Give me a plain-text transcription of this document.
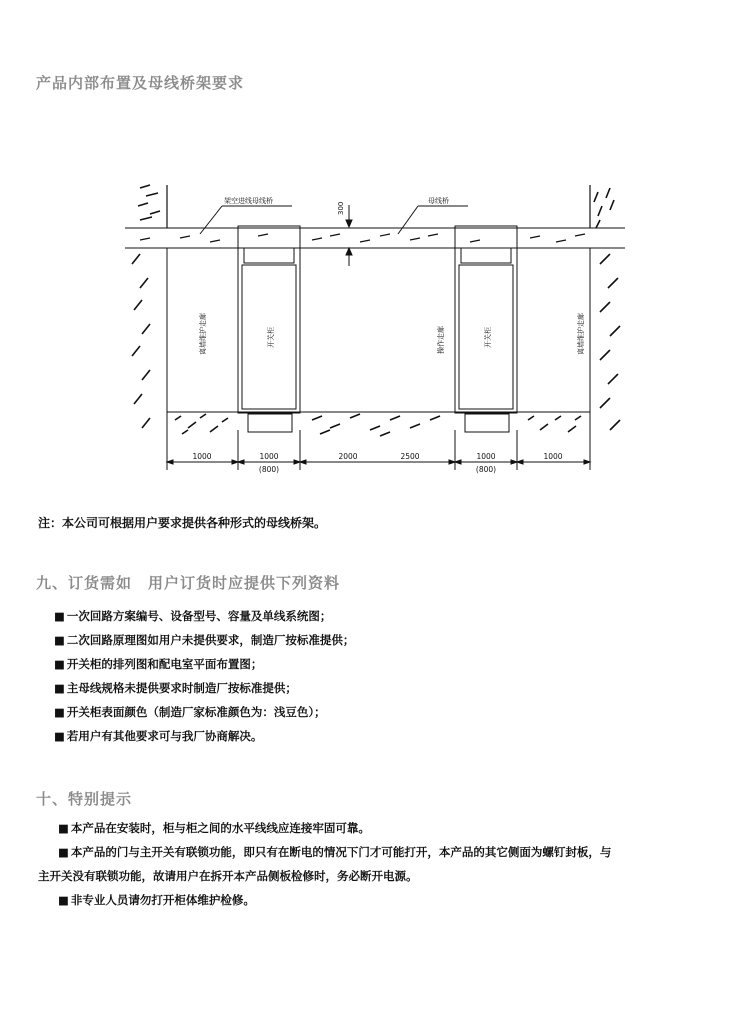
产品内部布置及母线桥架要求
架空进线母线桥	母线桥
300
离墙维护走廊	开关柜	操作走廊	开关柜	离墙维护走廊
1000	1000
(800)
2000	2500	1000
(800)
1000
注：本公司可根据用户要求提供各种形式的母线桥架。
九、订货需如　用户订货时应提供下列资料
■ 一次回路方案编号、设备型号、容量及单线系统图；
■ 二次回路原理图如用户未提供要求，制造厂按标准提供；
■ 开关柜的排列图和配电室平面布置图；
■ 主母线规格未提供要求时制造厂按标准提供；
■ 开关柜表面颜色（制造厂家标准颜色为：浅豆色）；
■ 若用户有其他要求可与我厂协商解决。
十、特别提示

■ 本产品在安装时，柜与柜之间的水平线线应连接牢固可靠。

■ 本产品的门与主开关有联锁功能，即只有在断电的情况下门才可能打开，本产品的其它侧面为螺钉封板，与

主开关没有联锁功能，故请用户在拆开本产品侧板检修时，务必断开电源。

■ 非专业人员请勿打开柜体维护检修。
